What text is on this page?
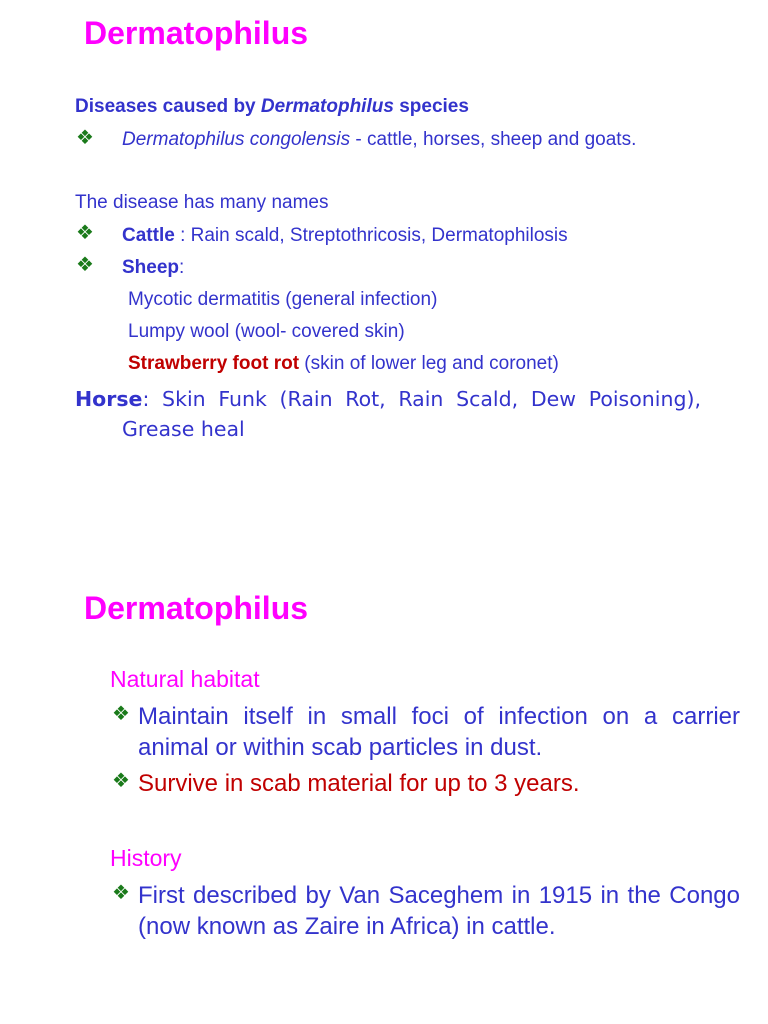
Dermatophilus
Diseases caused by Dermatophilus species
❖ Dermatophilus congolensis - cattle, horses, sheep and goats.
The disease has many names
❖ Cattle : Rain scald, Streptothricosis, Dermatophilosis
❖ Sheep:
Mycotic dermatitis (general infection)
Lumpy wool (wool- covered skin)
Strawberry foot rot (skin of lower leg and coronet)
Horse: Skin Funk (Rain Rot, Rain Scald, Dew Poisoning),
Grease heal
Dermatophilus
Natural habitat
❖ Maintain itself in small foci of infection on a carrier animal or within scab particles in dust.
❖ Survive in scab material for up to 3 years.
History
❖ First described by Van Saceghem in 1915 in the Congo (now known as Zaire in Africa) in cattle.
